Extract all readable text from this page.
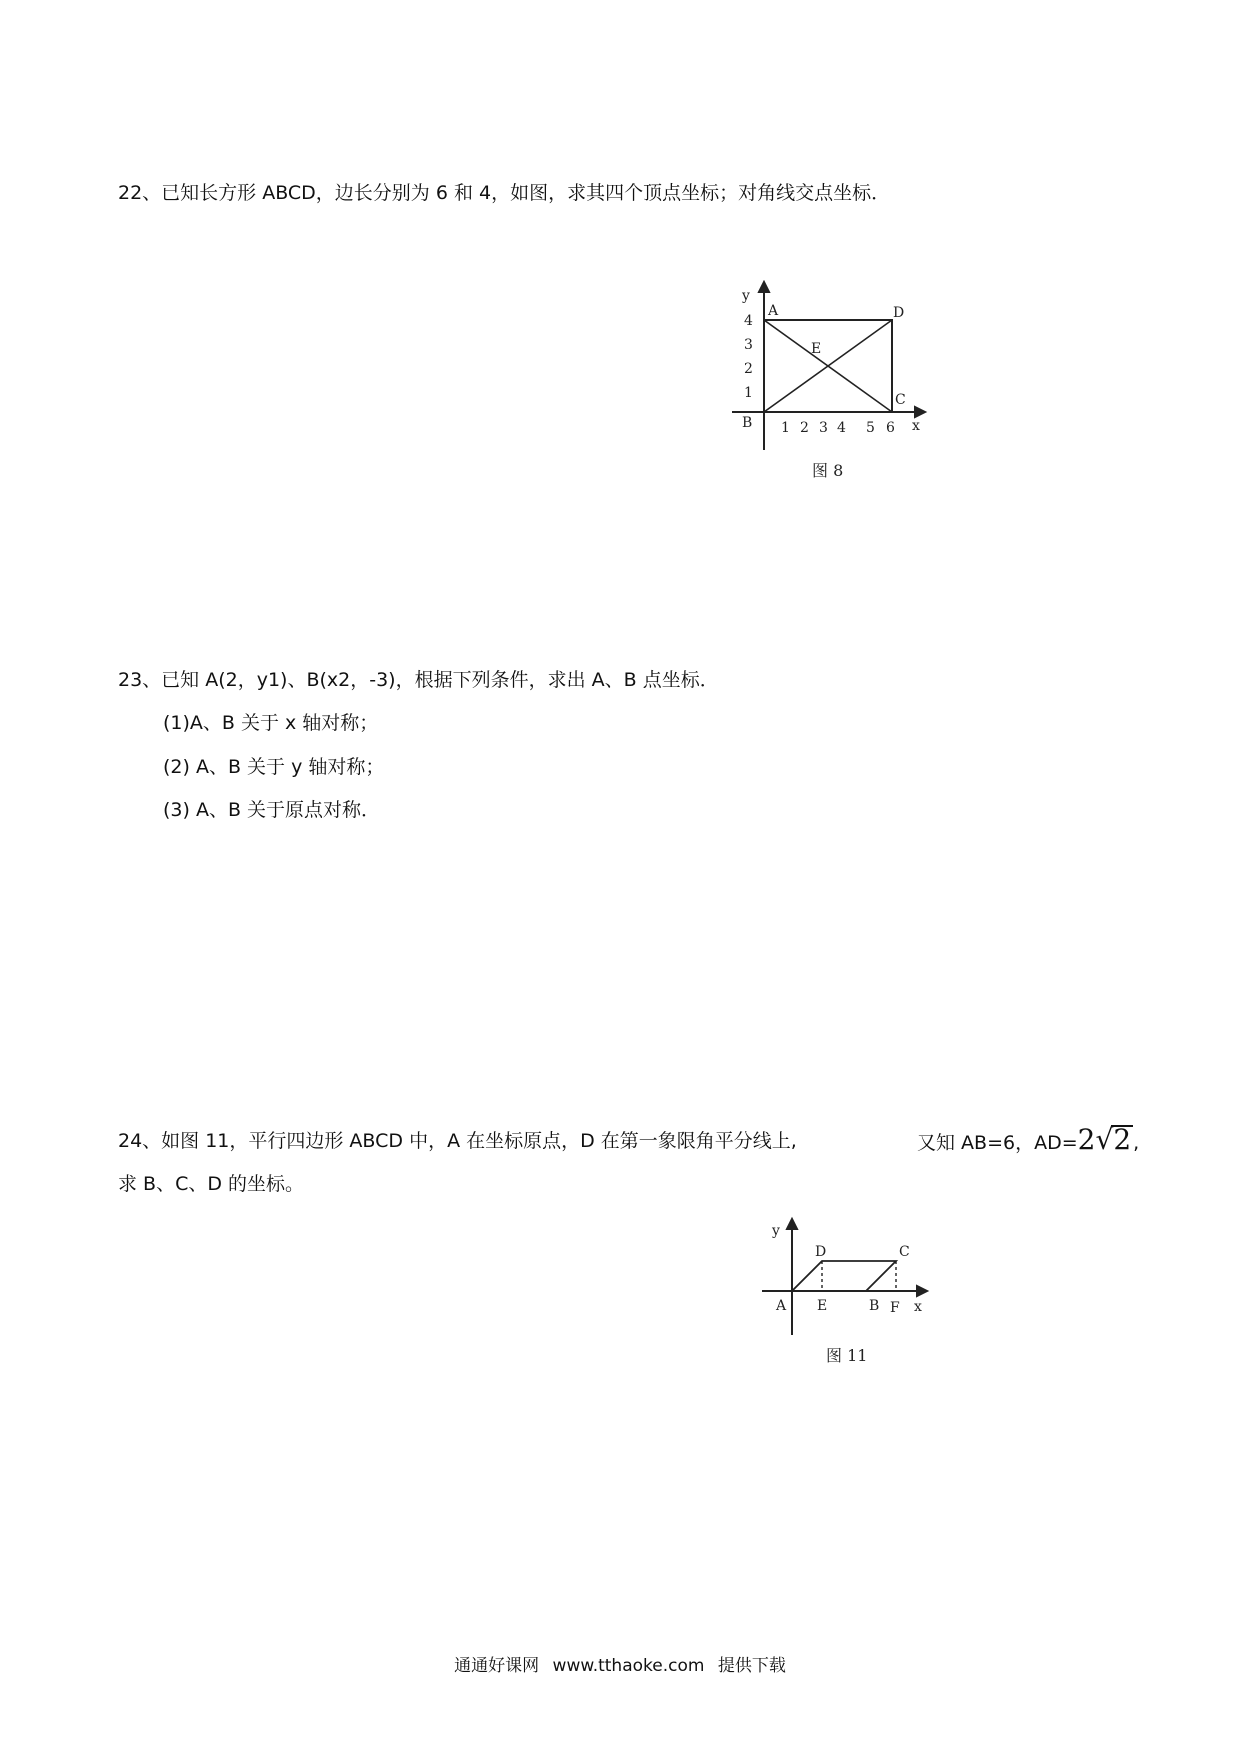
22、已知长方形 ABCD，边长分别为 6 和 4，如图，求其四个顶点坐标；对角线交点坐标．
y
x
4
3
2
1
1 2 3 4 5 6
A
B
C
D
E
图 8
23、已知 A(2，y1)、B(x2，-3)，根据下列条件，求出 A、B 点坐标．
(1)A、B 关于 x 轴对称；
(2) A、B 关于 y 轴对称；
(3) A、B 关于原点对称．
24、如图 11，平行四边形 ABCD 中，A 在坐标原点，D 在第一象限角平分线上,	又知 AB=6，AD=2√2 ,
求 B、C、D 的坐标。
y
x
A E	B F
D	C
图 11
通通好课网 www.tthaoke.com 提供下载
